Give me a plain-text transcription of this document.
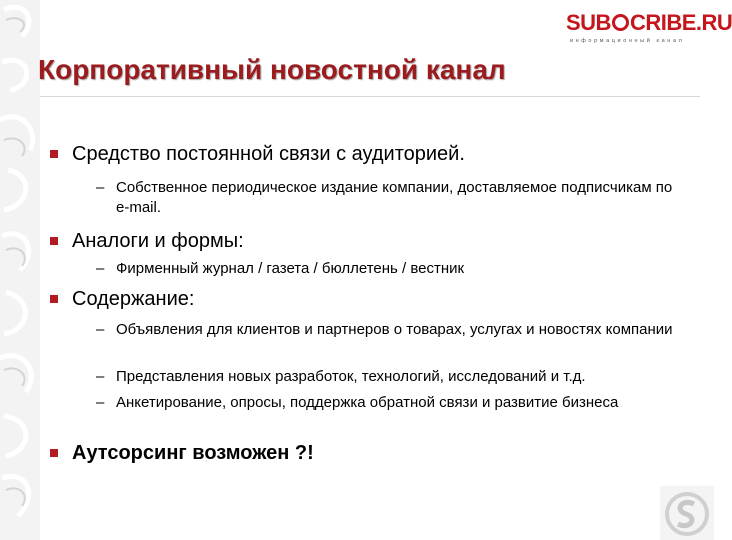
SUB CRIBE.RU
информационный канал
Корпоративный новостной канал
Средство постоянной связи с аудиторией.
– Собственное периодическое издание компании, доставляемое подписчикам по e-mail.
Аналоги и формы:
– Фирменный журнал / газета / бюллетень / вестник
Содержание:
– Объявления для клиентов и партнеров о товарах, услугах и новостях компании
– Представления новых разработок, технологий, исследований и т.д.
– Анкетирование, опросы, поддержка обратной связи и развитие бизнеса
Аутсорсинг возможен ?!
